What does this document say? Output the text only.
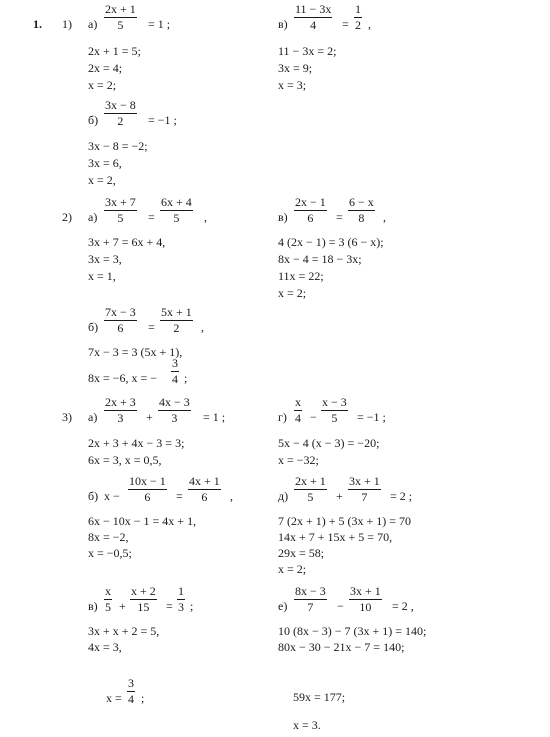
1. 1) а)
2x + 1
5	= 1 ;
2x + 1 = 5;
2x = 4;
x = 2;
в)
11 − 3x
4	=
1
2 ,
11 − 3x = 2;
3x = 9;
x = 3;
б)
3x − 8
2	= −1 ;
3x − 8 = −2;
3x = 6,
x = 2,
2) а)
3x + 7
5	=
6x + 4
5	,
3x + 7 = 6x + 4,
3x = 3,
x = 1,
в)
2x − 1
6	=
6 − x
8	,
4 (2x − 1) = 3 (6 − x);
8x − 4 = 18 − 3x;
11x = 22;
x = 2;
б)
7x − 3
6	=
5x + 1
2	,
7x − 3 = 3 (5x + 1),
8x = −6, x = −
3
4 ;
3) а)
2x + 3
3	+
4x − 3
3	= 1 ;
2x + 3 + 4x − 3 = 3;
6x = 3, x = 0,5,
г)
x
4 −
x − 3
5	= −1 ;
5x − 4 (x − 3) = −20;
x = −32;
б) x −
10x − 1
6	=
4x + 1
6	,
6x − 10x − 1 = 4x + 1,
8x = −2,
x = −0,5;
д)
2x + 1
5	+
3x + 1
7	= 2 ;
7 (2x + 1) + 5 (3x + 1) = 70
14x + 7 + 15x + 5 = 70,
29x = 58;
x = 2;
в)
x
5 +
x + 2
15	=
1
3 ;
3x + x + 2 = 5,
4x = 3,
x =
3
4 ;
е)
8x − 3
7	−
3x + 1
10	= 2 ,
10 (8x − 3) − 7 (3x + 1) = 140;
80x − 30 − 21x − 7 = 140;
59x = 177;
x = 3.
